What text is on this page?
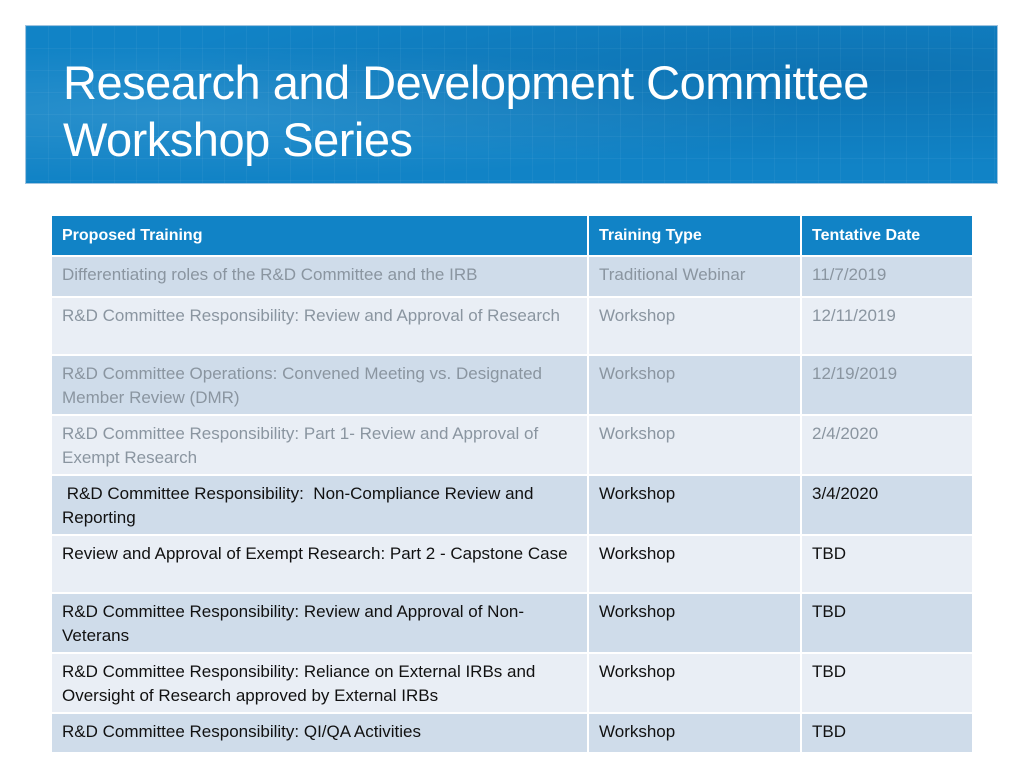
Research and Development Committee
Workshop Series
Proposed Training	Training Type	Tentative Date
Differentiating roles of the R&D Committee and the IRB	Traditional Webinar	11/7/2019
R&D Committee Responsibility: Review and Approval of Research	Workshop	12/11/2019
R&D Committee Operations: Convened Meeting vs. Designated Member Review (DMR)	Workshop	12/19/2019
R&D Committee Responsibility: Part 1- Review and Approval of Exempt Research	Workshop	2/4/2020
R&D Committee Responsibility:  Non-Compliance Review and Reporting	Workshop	3/4/2020
Review and Approval of Exempt Research: Part 2 - Capstone Case	Workshop	TBD
R&D Committee Responsibility: Review and Approval of Non-Veterans	Workshop	TBD
R&D Committee Responsibility: Reliance on External IRBs and Oversight of Research approved by External IRBs	Workshop	TBD
R&D Committee Responsibility: QI/QA Activities	Workshop	TBD
